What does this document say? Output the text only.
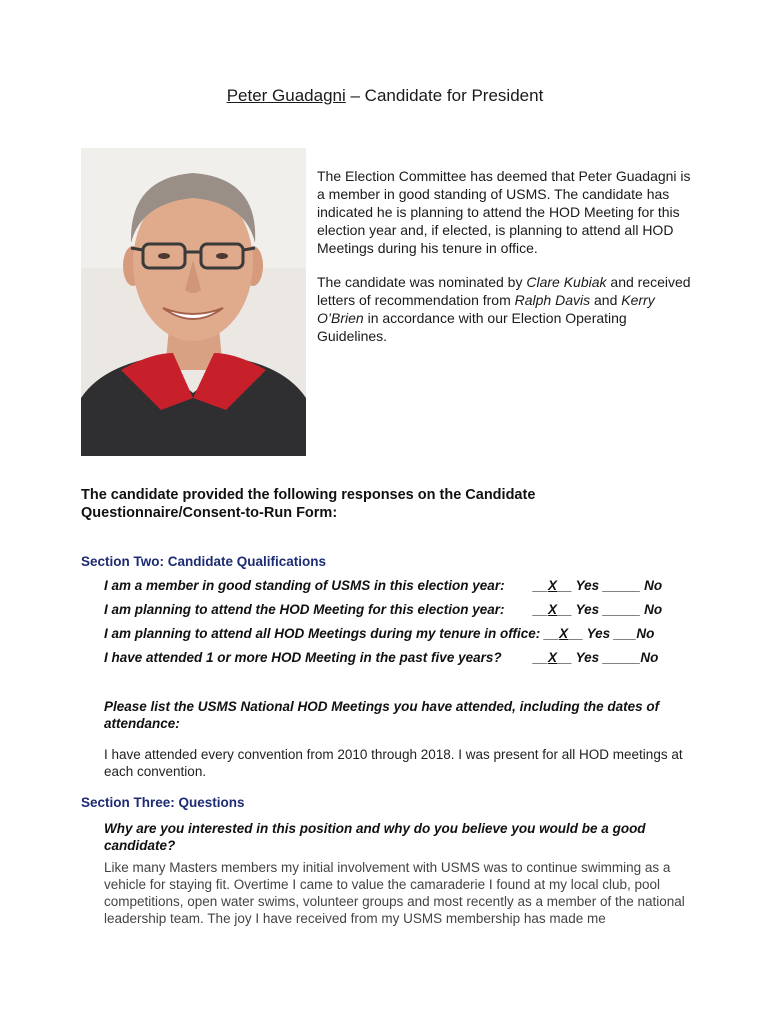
Peter Guadagni – Candidate for President

The Election Committee has deemed that Peter Guadagni is a member in good standing of USMS. The candidate has indicated he is planning to attend the HOD Meeting for this election year and, if elected, is planning to attend all HOD Meetings during his tenure in office.

The candidate was nominated by Clare Kubiak and received letters of recommendation from Ralph Davis and Kerry O’Brien in accordance with our Election Operating Guidelines.

The candidate provided the following responses on the Candidate Questionnaire/Consent-to-Run Form:
Section Two: Candidate Qualifications
I am a member in good standing of USMS in this election year: __X__ Yes _____ No
I am planning to attend the HOD Meeting for this election year: __X__ Yes _____ No
I am planning to attend all HOD Meetings during my tenure in office: __X__ Yes ___No
I have attended 1 or more HOD Meeting in the past five years? __X__ Yes _____No
Please list the USMS National HOD Meetings you have attended, including the dates of attendance:
I have attended every convention from 2010 through 2018. I was present for all HOD meetings at each convention.
Section Three: Questions
Why are you interested in this position and why do you believe you would be a good candidate?
Like many Masters members my initial involvement with USMS was to continue swimming as a vehicle for staying fit. Overtime I came to value the camaraderie I found at my local club, pool competitions, open water swims, volunteer groups and most recently as a member of the national leadership team. The joy I have received from my USMS membership has made me
